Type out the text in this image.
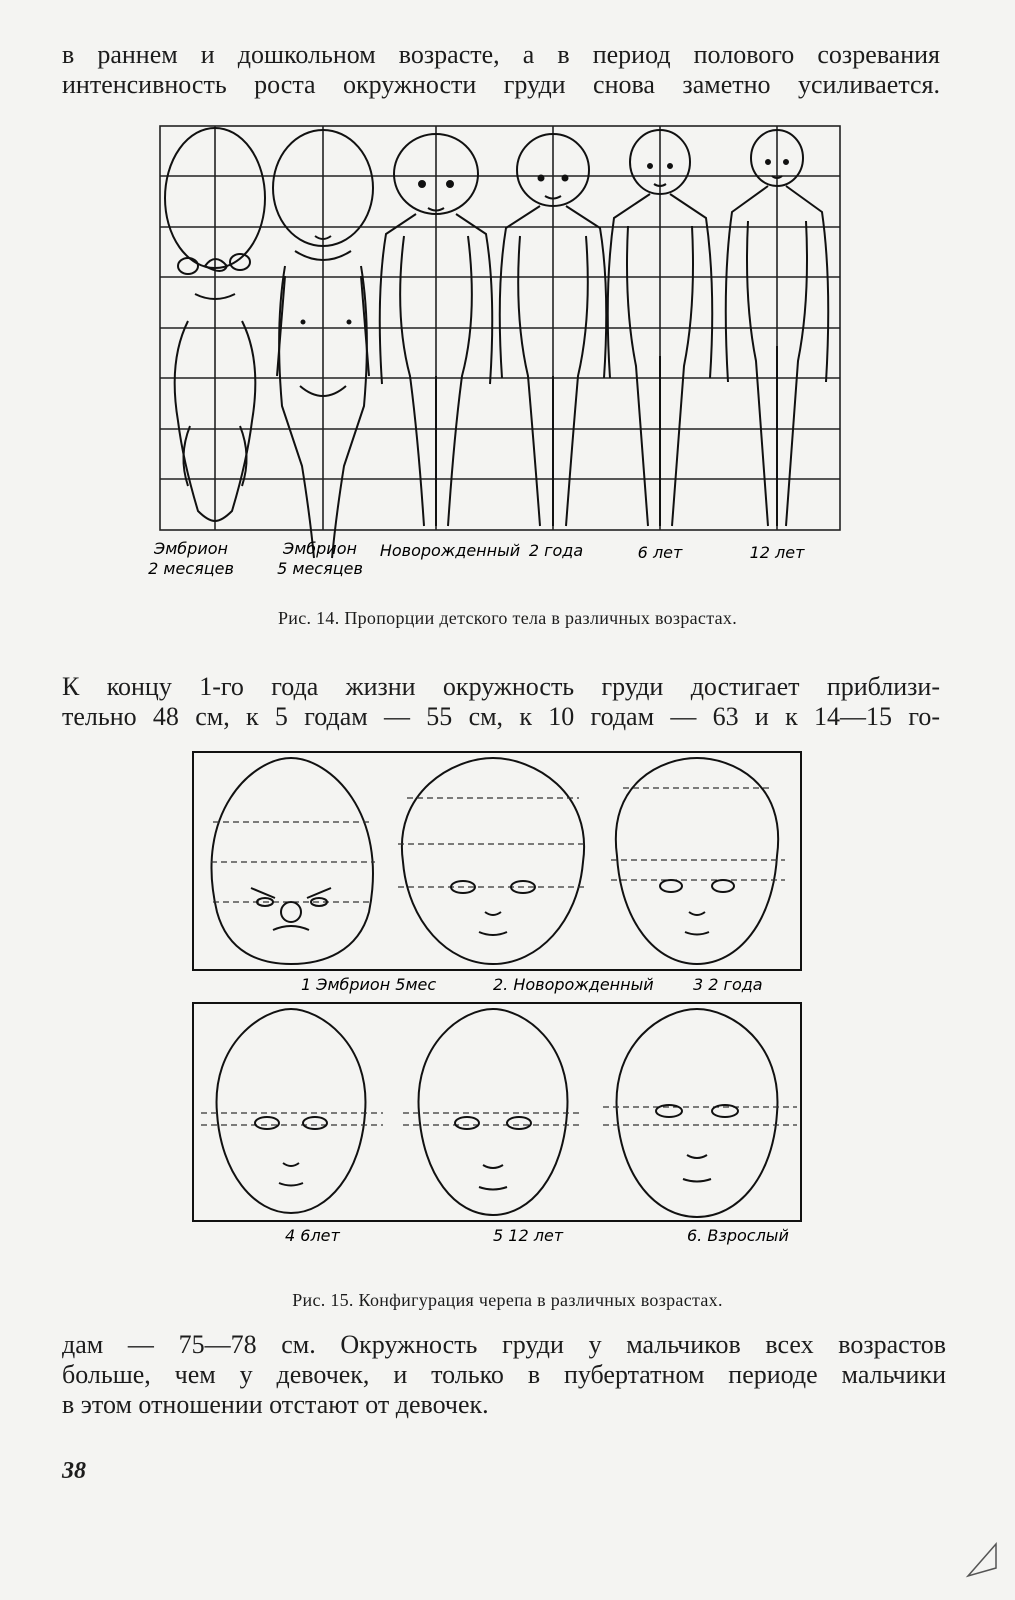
в раннем и дошкольном возрасте, а в период полового созревания
интенсивность роста окружности груди снова заметно усиливается.
Эмбрион
2 месяцев
Эмбрион
5 месяцев
Новорожденный 2 года	6 лет	12 лет

Рис. 14. Пропорции детского тела в различных возрастах.

К концу 1-го года жизни окружность груди достигает приблизи-
тельно 48 см, к 5 годам — 55 см, к 10 годам — 63 и к 14—15 го-
1 Эмбрион 5мес	2. Новорожденный 3 2 года
4 6лет	5 12 лет	6. Взрослый

Рис. 15. Конфигурация черепа в различных возрастах.

дам — 75—78 см. Окружность груди у мальчиков всех возрастов
больше, чем у девочек, и только в пубертатном периоде мальчики
в этом отношении отстают от девочек.
38
